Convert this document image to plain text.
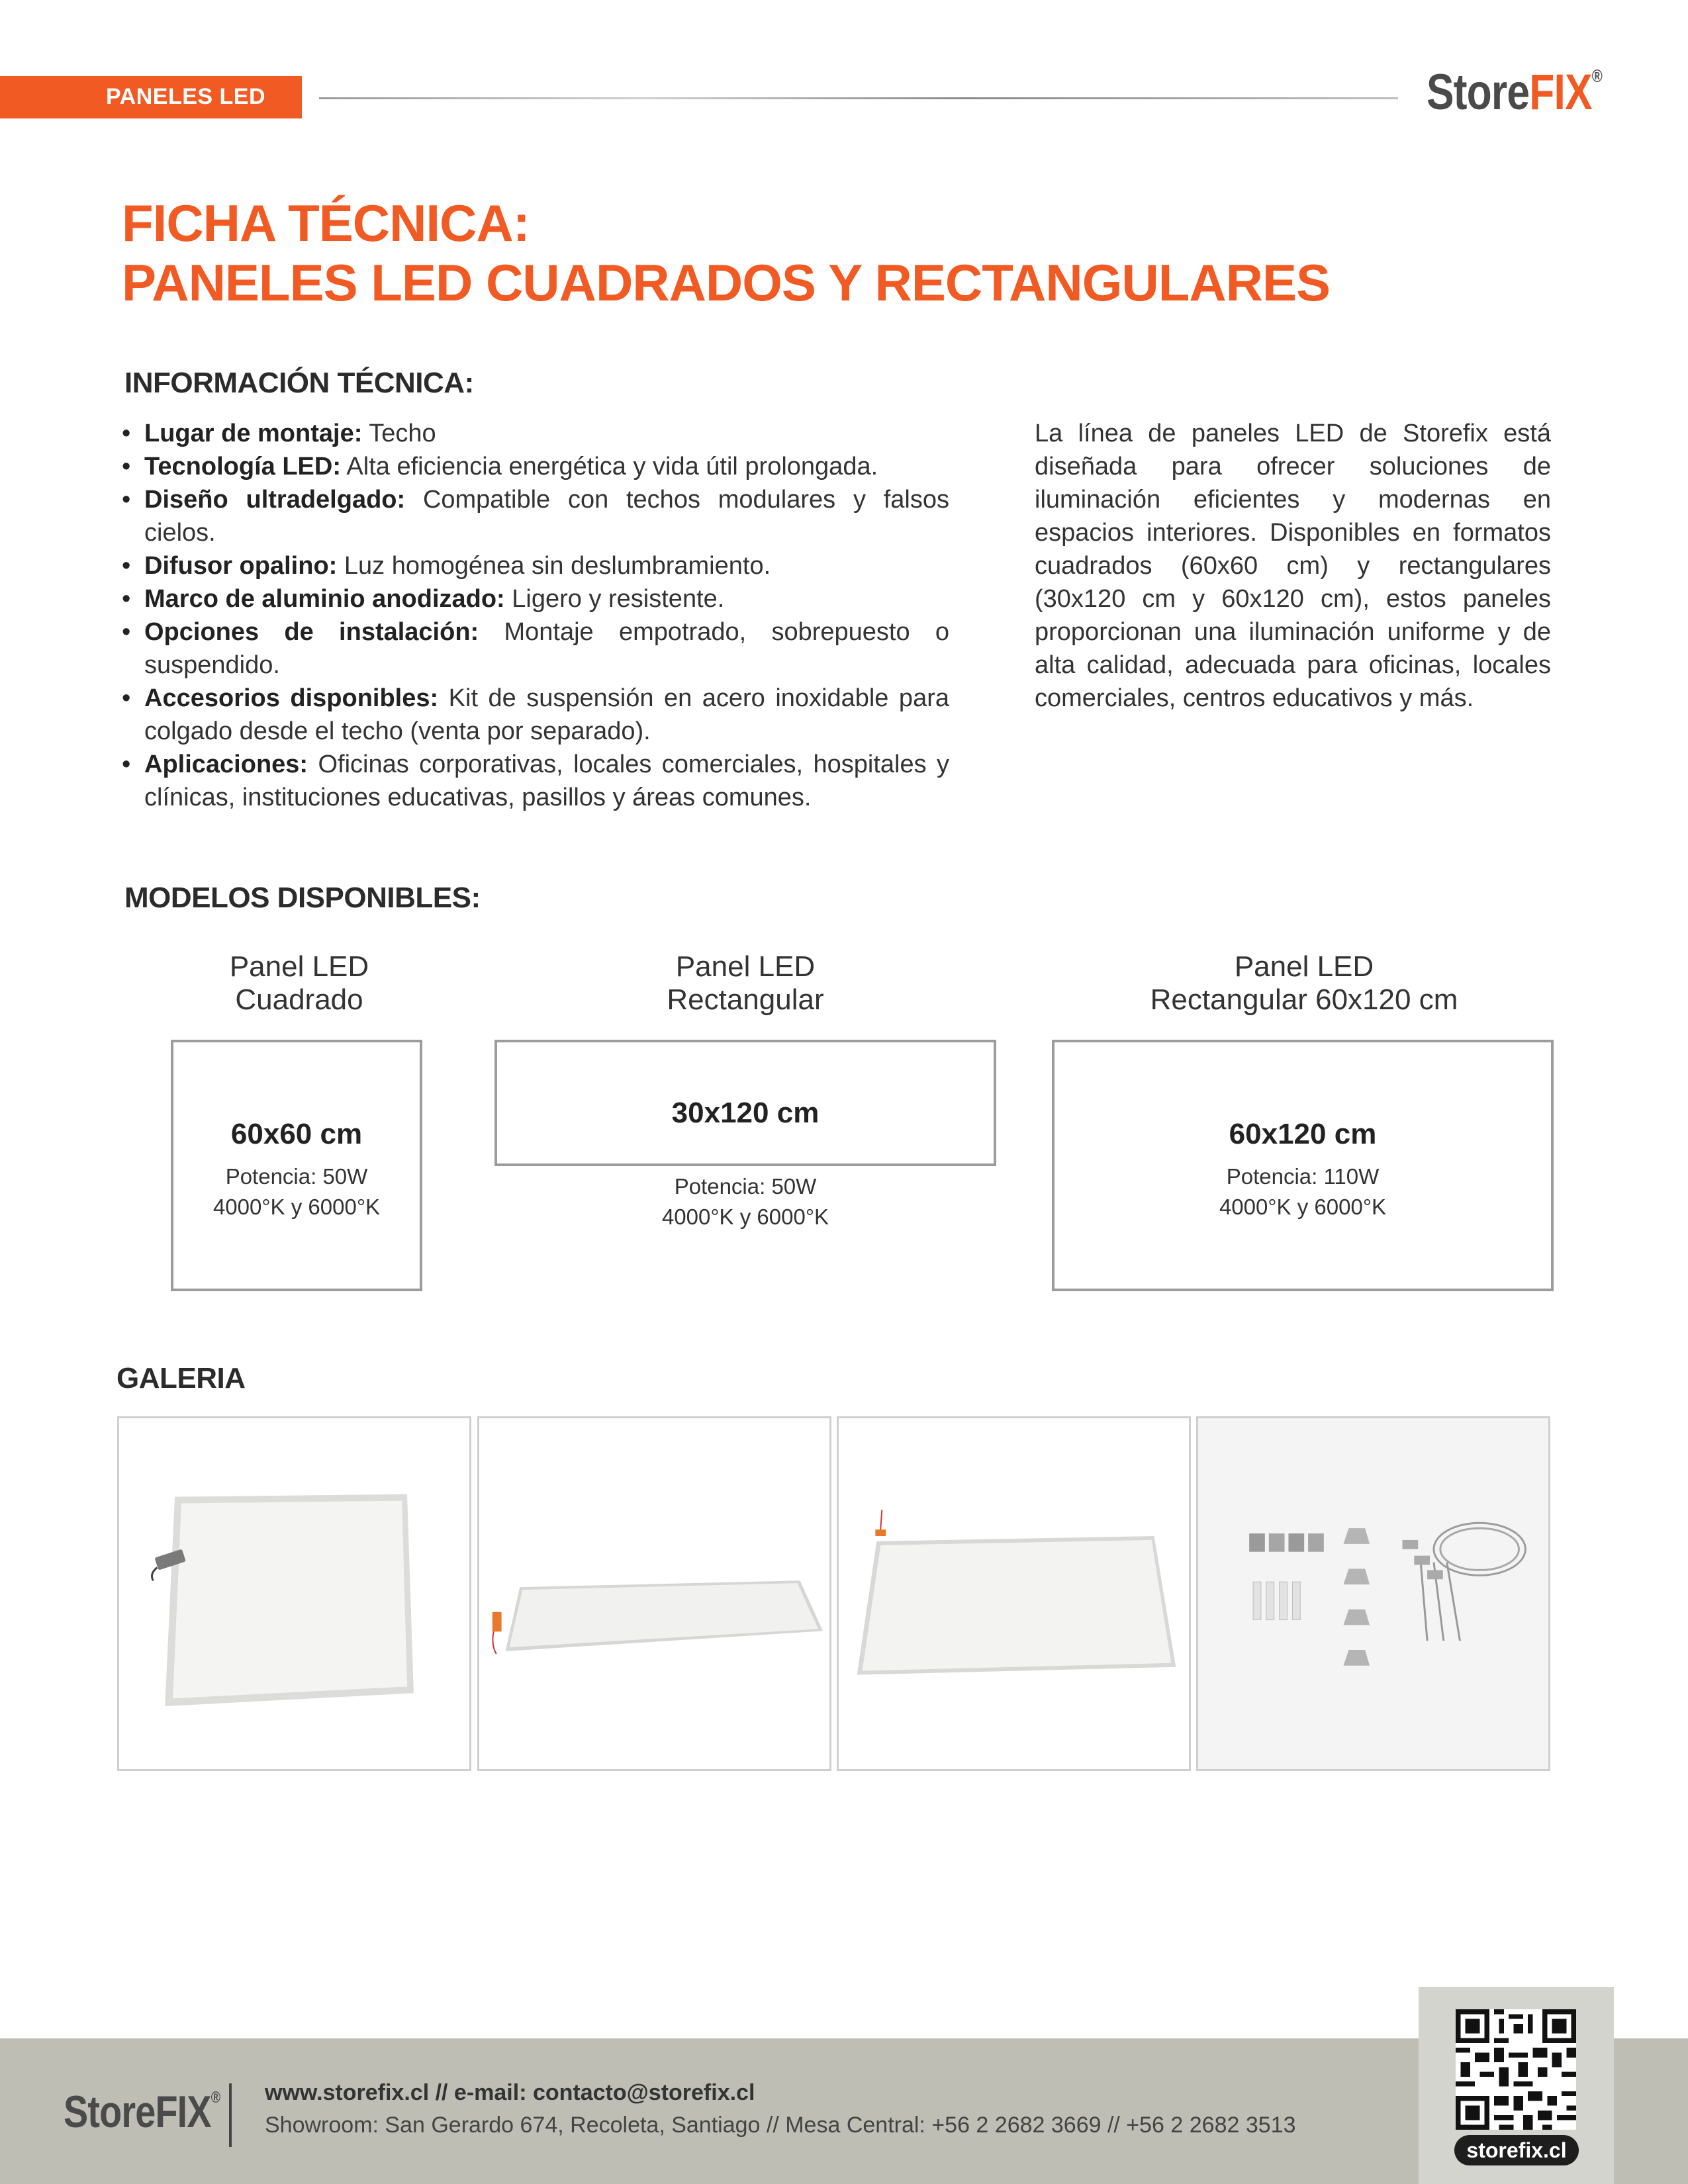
PANELES LED	StoreFIX®
FICHA TÉCNICA:
PANELES LED CUADRADOS Y RECTANGULARES
INFORMACIÓN TÉCNICA:
• Lugar de montaje: Techo
• Tecnología LED: Alta eficiencia energética y vida útil prolongada.
• Diseño ultradelgado: Compatible con techos modulares y falsos cielos.
• Difusor opalino: Luz homogénea sin deslumbramiento.
• Marco de aluminio anodizado: Ligero y resistente.
• Opciones de instalación: Montaje empotrado, sobrepuesto o suspendido.
• Accesorios disponibles: Kit de suspensión en acero inoxidable para colgado desde el techo (venta por separado).
• Aplicaciones: Oficinas corporativas, locales comerciales, hospitales y clínicas, instituciones educativas, pasillos y áreas comunes.
La línea de paneles LED de Storefix está diseñada para ofrecer soluciones de iluminación eficientes y modernas en espacios interiores. Disponibles en formatos cuadrados (60x60 cm) y rectangulares (30x120 cm y 60x120 cm), estos paneles proporcionan una iluminación uniforme y de alta calidad, adecuada para oficinas, locales comerciales, centros educativos y más.
MODELOS DISPONIBLES:
Panel LED
Cuadrado
60x60 cm
Potencia: 50W
4000°K y 6000°K
Panel LED
Rectangular
30x120 cm
Potencia: 50W
4000°K y 6000°K
Panel LED
Rectangular 60x120 cm
60x120 cm
Potencia: 110W
4000°K y 6000°K
GALERIA
StoreFIX® www.storefix.cl // e-mail: contacto@storefix.cl
Showroom: San Gerardo 674, Recoleta, Santiago // Mesa Central: +56 2 2682 3669 // +56 2 2682 3513
storefix.cl
